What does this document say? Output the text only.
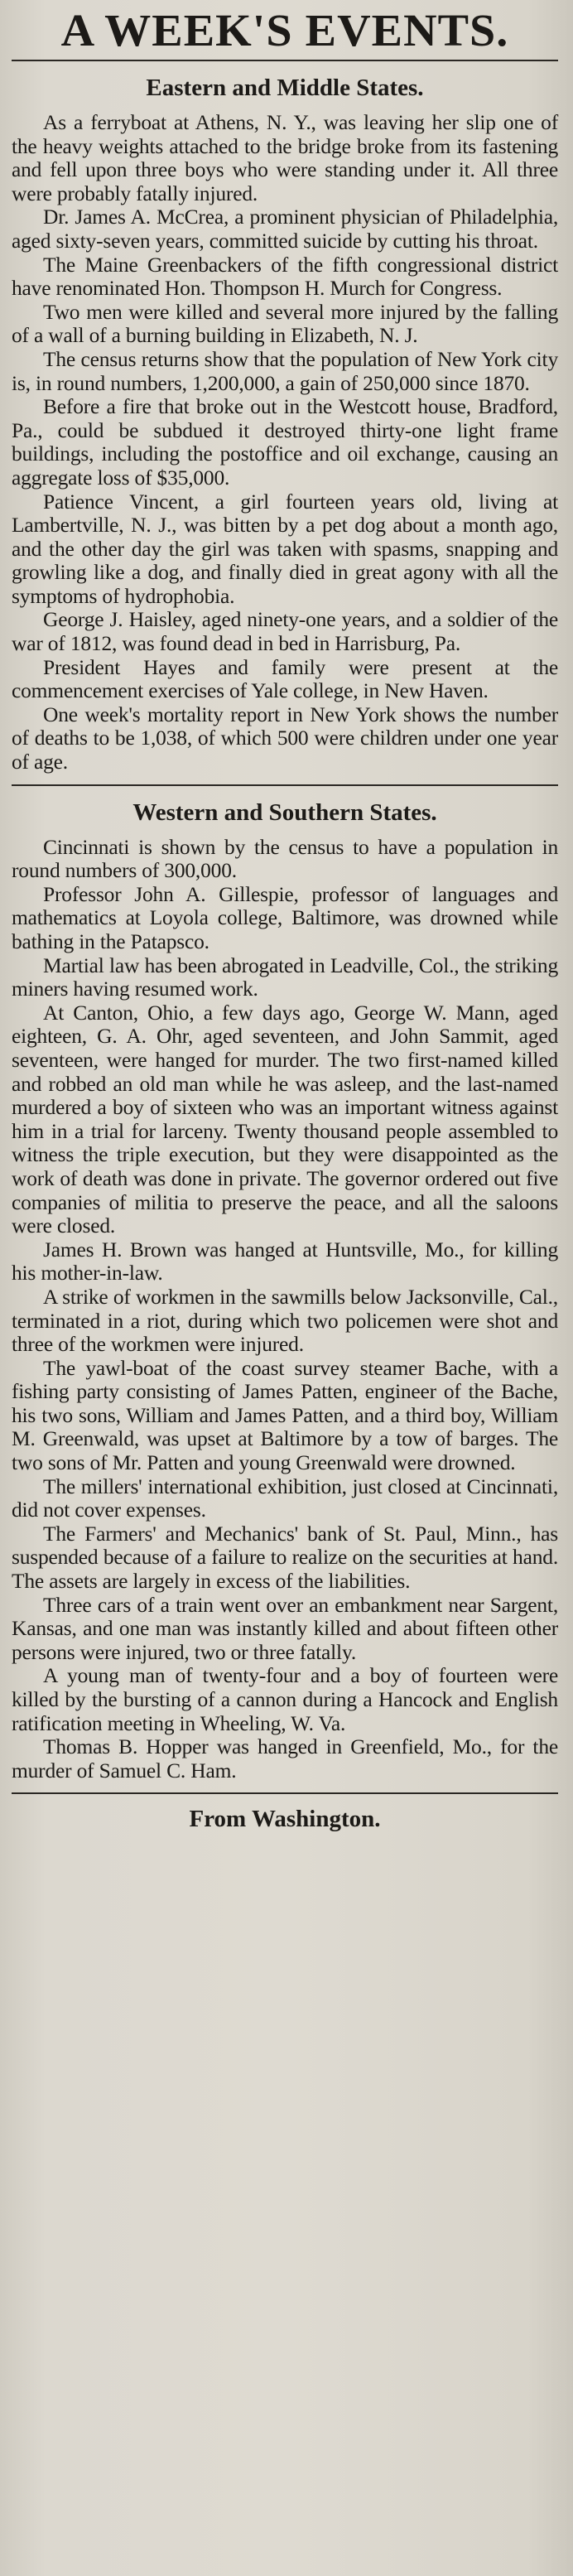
A WEEK'S EVENTS.
Eastern and Middle States.

As a ferryboat at Athens, N. Y., was leaving her slip one of the heavy weights attached to the bridge broke from its fastening and fell upon three boys who were standing under it. All three were probably fatally injured.

Dr. James A. McCrea, a prominent physician of Philadelphia, aged sixty-seven years, committed suicide by cutting his throat.

The Maine Greenbackers of the fifth congressional district have renominated Hon. Thompson H. Murch for Congress.

Two men were killed and several more injured by the falling of a wall of a burning building in Elizabeth, N. J.

The census returns show that the population of New York city is, in round numbers, 1,200,000, a gain of 250,000 since 1870.

Before a fire that broke out in the Westcott house, Bradford, Pa., could be subdued it destroyed thirty-one light frame buildings, including the postoffice and oil exchange, causing an aggregate loss of $35,000.

Patience Vincent, a girl fourteen years old, living at Lambertville, N. J., was bitten by a pet dog about a month ago, and the other day the girl was taken with spasms, snapping and growling like a dog, and finally died in great agony with all the symptoms of hydrophobia.

George J. Haisley, aged ninety-one years, and a soldier of the war of 1812, was found dead in bed in Harrisburg, Pa.

President Hayes and family were present at the commencement exercises of Yale college, in New Haven.

One week's mortality report in New York shows the number of deaths to be 1,038, of which 500 were children under one year of age.

Western and Southern States.

Cincinnati is shown by the census to have a population in round numbers of 300,000.

Professor John A. Gillespie, professor of languages and mathematics at Loyola college, Baltimore, was drowned while bathing in the Patapsco.

Martial law has been abrogated in Leadville, Col., the striking miners having resumed work.

At Canton, Ohio, a few days ago, George W. Mann, aged eighteen, G. A. Ohr, aged seventeen, and John Sammit, aged seventeen, were hanged for murder. The two first-named killed and robbed an old man while he was asleep, and the last-named murdered a boy of sixteen who was an important witness against him in a trial for larceny. Twenty thousand people assembled to witness the triple execution, but they were disappointed as the work of death was done in private. The governor ordered out five companies of militia to preserve the peace, and all the saloons were closed.

James H. Brown was hanged at Huntsville, Mo., for killing his mother-in-law.

A strike of workmen in the sawmills below Jacksonville, Cal., terminated in a riot, during which two policemen were shot and three of the workmen were injured.

The yawl-boat of the coast survey steamer Bache, with a fishing party consisting of James Patten, engineer of the Bache, his two sons, William and James Patten, and a third boy, William M. Greenwald, was upset at Baltimore by a tow of barges. The two sons of Mr. Patten and young Greenwald were drowned.

The millers' international exhibition, just closed at Cincinnati, did not cover expenses.

The Farmers' and Mechanics' bank of St. Paul, Minn., has suspended because of a failure to realize on the securities at hand. The assets are largely in excess of the liabilities.

Three cars of a train went over an embankment near Sargent, Kansas, and one man was instantly killed and about fifteen other persons were injured, two or three fatally.

A young man of twenty-four and a boy of fourteen were killed by the bursting of a cannon during a Hancock and English ratification meeting in Wheeling, W. Va.

Thomas B. Hopper was hanged in Greenfield, Mo., for the murder of Samuel C. Ham.

From Washington.
